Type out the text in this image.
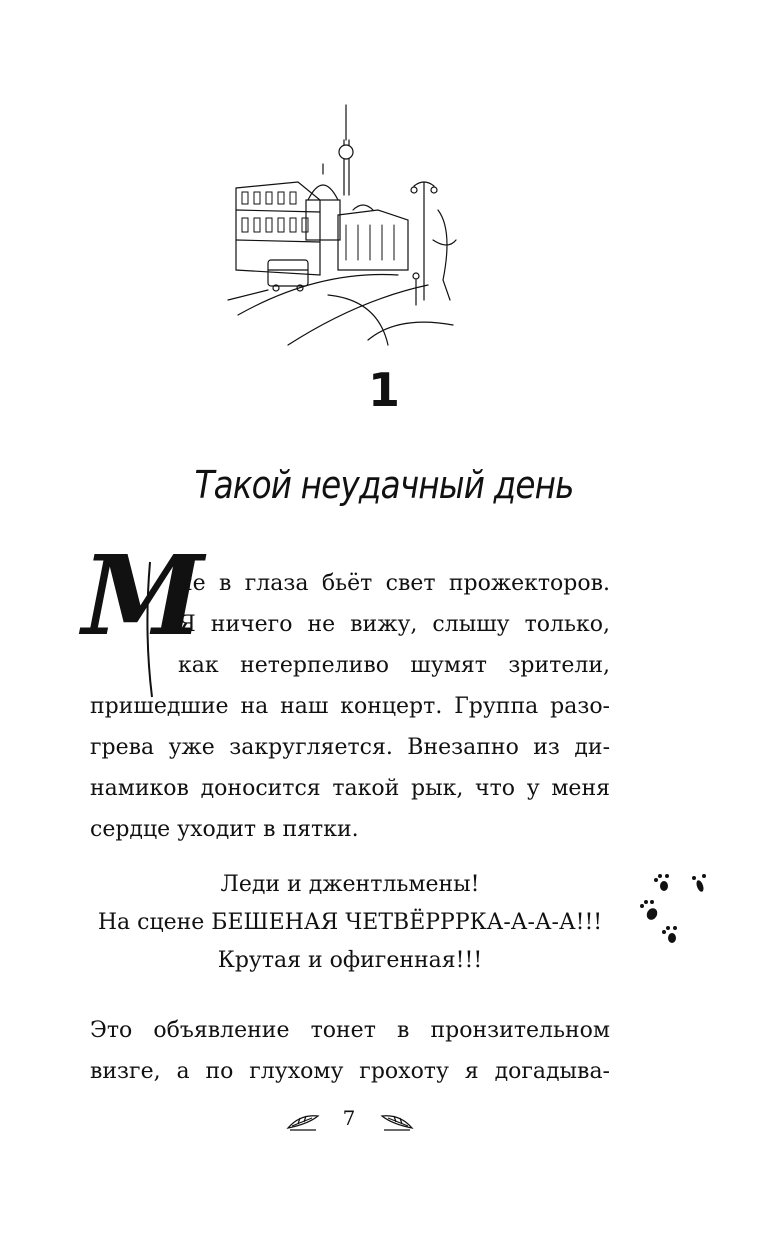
1
Такой неудачный день
М
не в глаза бьёт свет прожекторов.
Я ничего не вижу, слышу только,
как нетерпеливо шумят зрители,
пришедшие на наш концерт. Группа разо-
грева уже закругляется. Внезапно из ди-
намиков доносится такой рык, что у меня
сердце уходит в пятки.
Леди и джентльмены!
На сцене БЕШЕНАЯ ЧЕТВЁРРРКА-А-А-А!!!
Крутая и офигенная!!!
Это объявление тонет в пронзительном
визге, а по глухому грохоту я догадыва-
7
